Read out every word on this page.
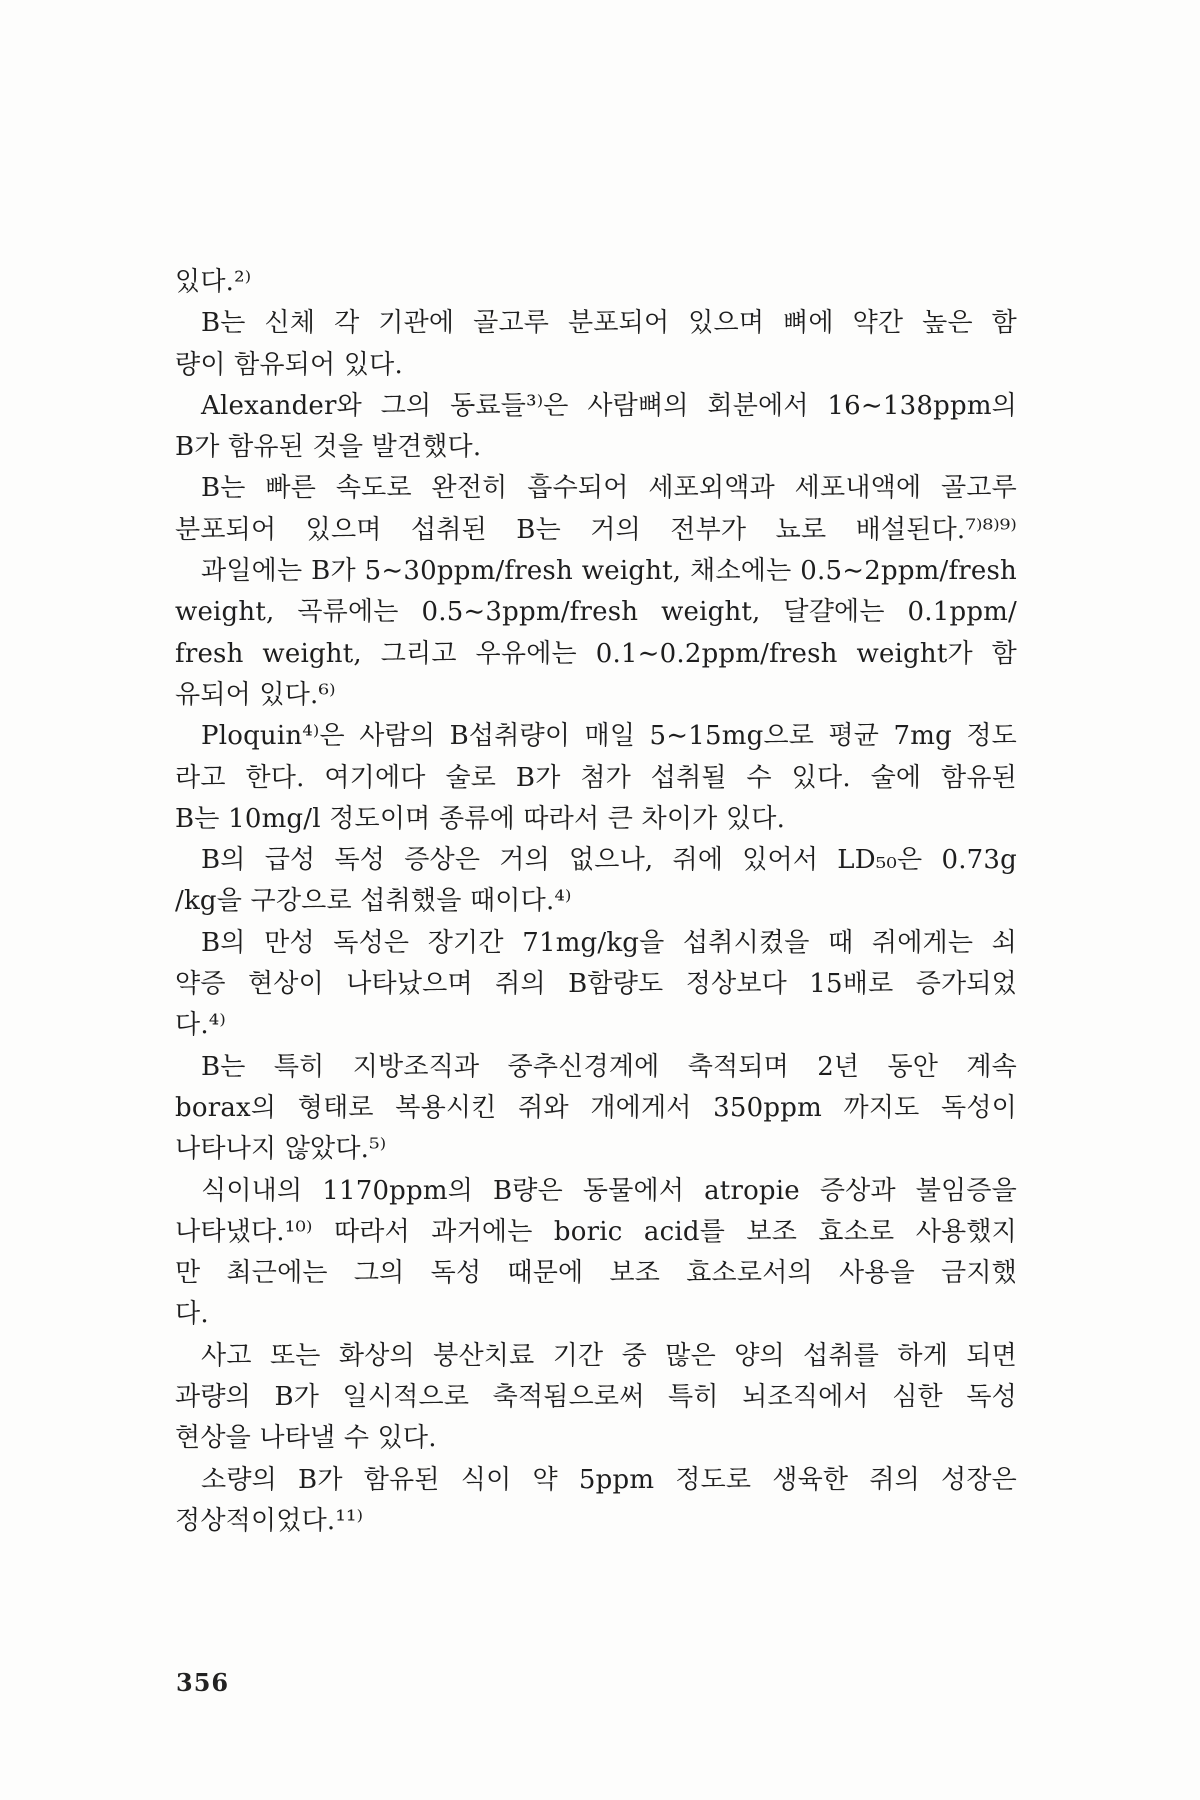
있다.²⁾
B는 신체 각 기관에 골고루 분포되어 있으며 뼈에 약간 높은 함
량이 함유되어 있다.
Alexander와 그의 동료들³⁾은 사람뼈의 회분에서 16∼138ppm의
B가 함유된 것을 발견했다.
B는 빠른 속도로 완전히 흡수되어 세포외액과 세포내액에 골고루
분포되어 있으며 섭취된 B는 거의 전부가 뇨로 배설된다.⁷⁾⁸⁾⁹⁾
과일에는 B가 5∼30ppm/fresh weight, 채소에는 0.5∼2ppm/fresh
weight, 곡류에는 0.5∼3ppm/fresh weight, 달걀에는 0.1ppm/
fresh weight, 그리고 우유에는 0.1∼0.2ppm/fresh weight가 함
유되어 있다.⁶⁾
Ploquin⁴⁾은 사람의 B섭취량이 매일 5∼15mg으로 평균 7mg 정도
라고 한다. 여기에다 술로 B가 첨가 섭취될 수 있다. 술에 함유된
B는 10mg/l 정도이며 종류에 따라서 큰 차이가 있다.
B의 급성 독성 증상은 거의 없으나, 쥐에 있어서 LD₅₀은 0.73g
/kg을 구강으로 섭취했을 때이다.⁴⁾
B의 만성 독성은 장기간 71mg/kg을 섭취시켰을 때 쥐에게는 쇠
약증 현상이 나타났으며 쥐의 B함량도 정상보다 15배로 증가되었
다.⁴⁾
B는 특히 지방조직과 중추신경계에 축적되며 2년 동안 계속
borax의 형태로 복용시킨 쥐와 개에게서 350ppm 까지도 독성이
나타나지 않았다.⁵⁾
식이내의 1170ppm의 B량은 동물에서 atropie 증상과 불임증을
나타냈다.¹⁰⁾ 따라서 과거에는 boric acid를 보조 효소로 사용했지
만 최근에는 그의 독성 때문에 보조 효소로서의 사용을 금지했
다.
사고 또는 화상의 붕산치료 기간 중 많은 양의 섭취를 하게 되면
과량의 B가 일시적으로 축적됨으로써 특히 뇌조직에서 심한 독성
현상을 나타낼 수 있다.
소량의 B가 함유된 식이 약 5ppm 정도로 생육한 쥐의 성장은
정상적이었다.¹¹⁾
356
